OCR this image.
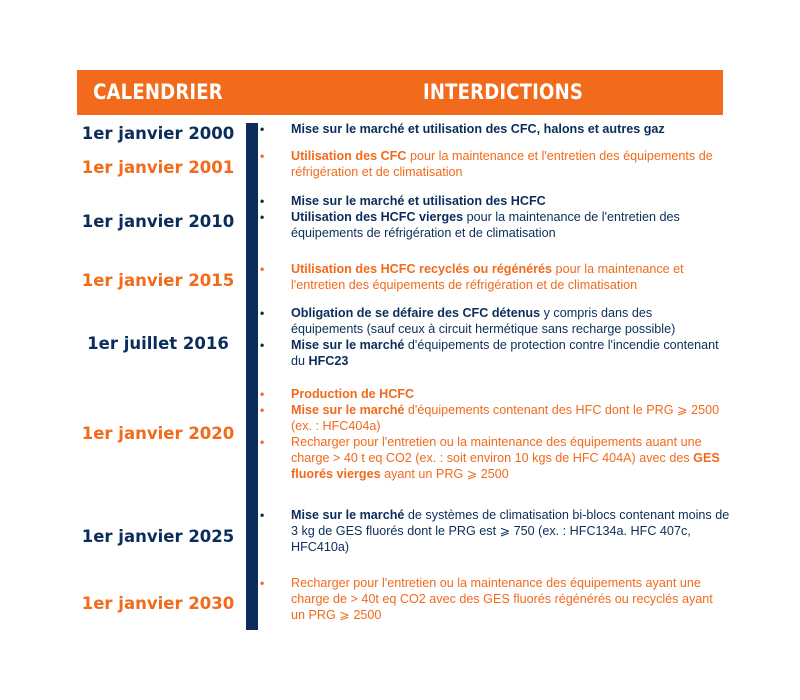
CALENDRIER	INTERDICTIONS
1er janvier 2000	• Mise sur le marché et utilisation des CFC, halons et autres gaz
1er janvier 2001
• Utilisation des CFC pour la maintenance et l'entretien des équipements de réfrigération et de climatisation
1er janvier 2010
• Mise sur le marché et utilisation des HCFC
• Utilisation des HCFC vierges pour la maintenance de l'entretien des équipements de réfrigération et de climatisation
1er janvier 2015
• Utilisation des HCFC recyclés ou régénérés pour la maintenance et l'entretien des équipements de réfrigération et de climatisation
1er juillet 2016
• Obligation de se défaire des CFC détenus y compris dans des équipements (sauf ceux à circuit hermétique sans recharge possible)
• Mise sur le marché d'équipements de protection contre l'incendie contenant du HFC23
1er janvier 2020
• Production de HCFC
• Mise sur le marché d'équipements contenant des HFC dont le PRG ⩾ 2500 (ex. : HFC404a)
• Recharger pour l'entretien ou la maintenance des équipements auant une charge > 40 t eq CO2 (ex. : soit environ 10 kgs de HFC 404A) avec des GES fluorés vierges ayant un PRG ⩾ 2500
1er janvier 2025
• Mise sur le marché de systèmes de climatisation bi-blocs contenant moins de 3 kg de GES fluorés dont le PRG est ⩾ 750 (ex. : HFC134a. HFC 407c, HFC410a)
1er janvier 2030
• Recharger pour l'entretien ou la maintenance des équipements ayant une charge de > 40t eq CO2 avec des GES fluorés régénérés ou recyclés ayant un PRG ⩾ 2500
